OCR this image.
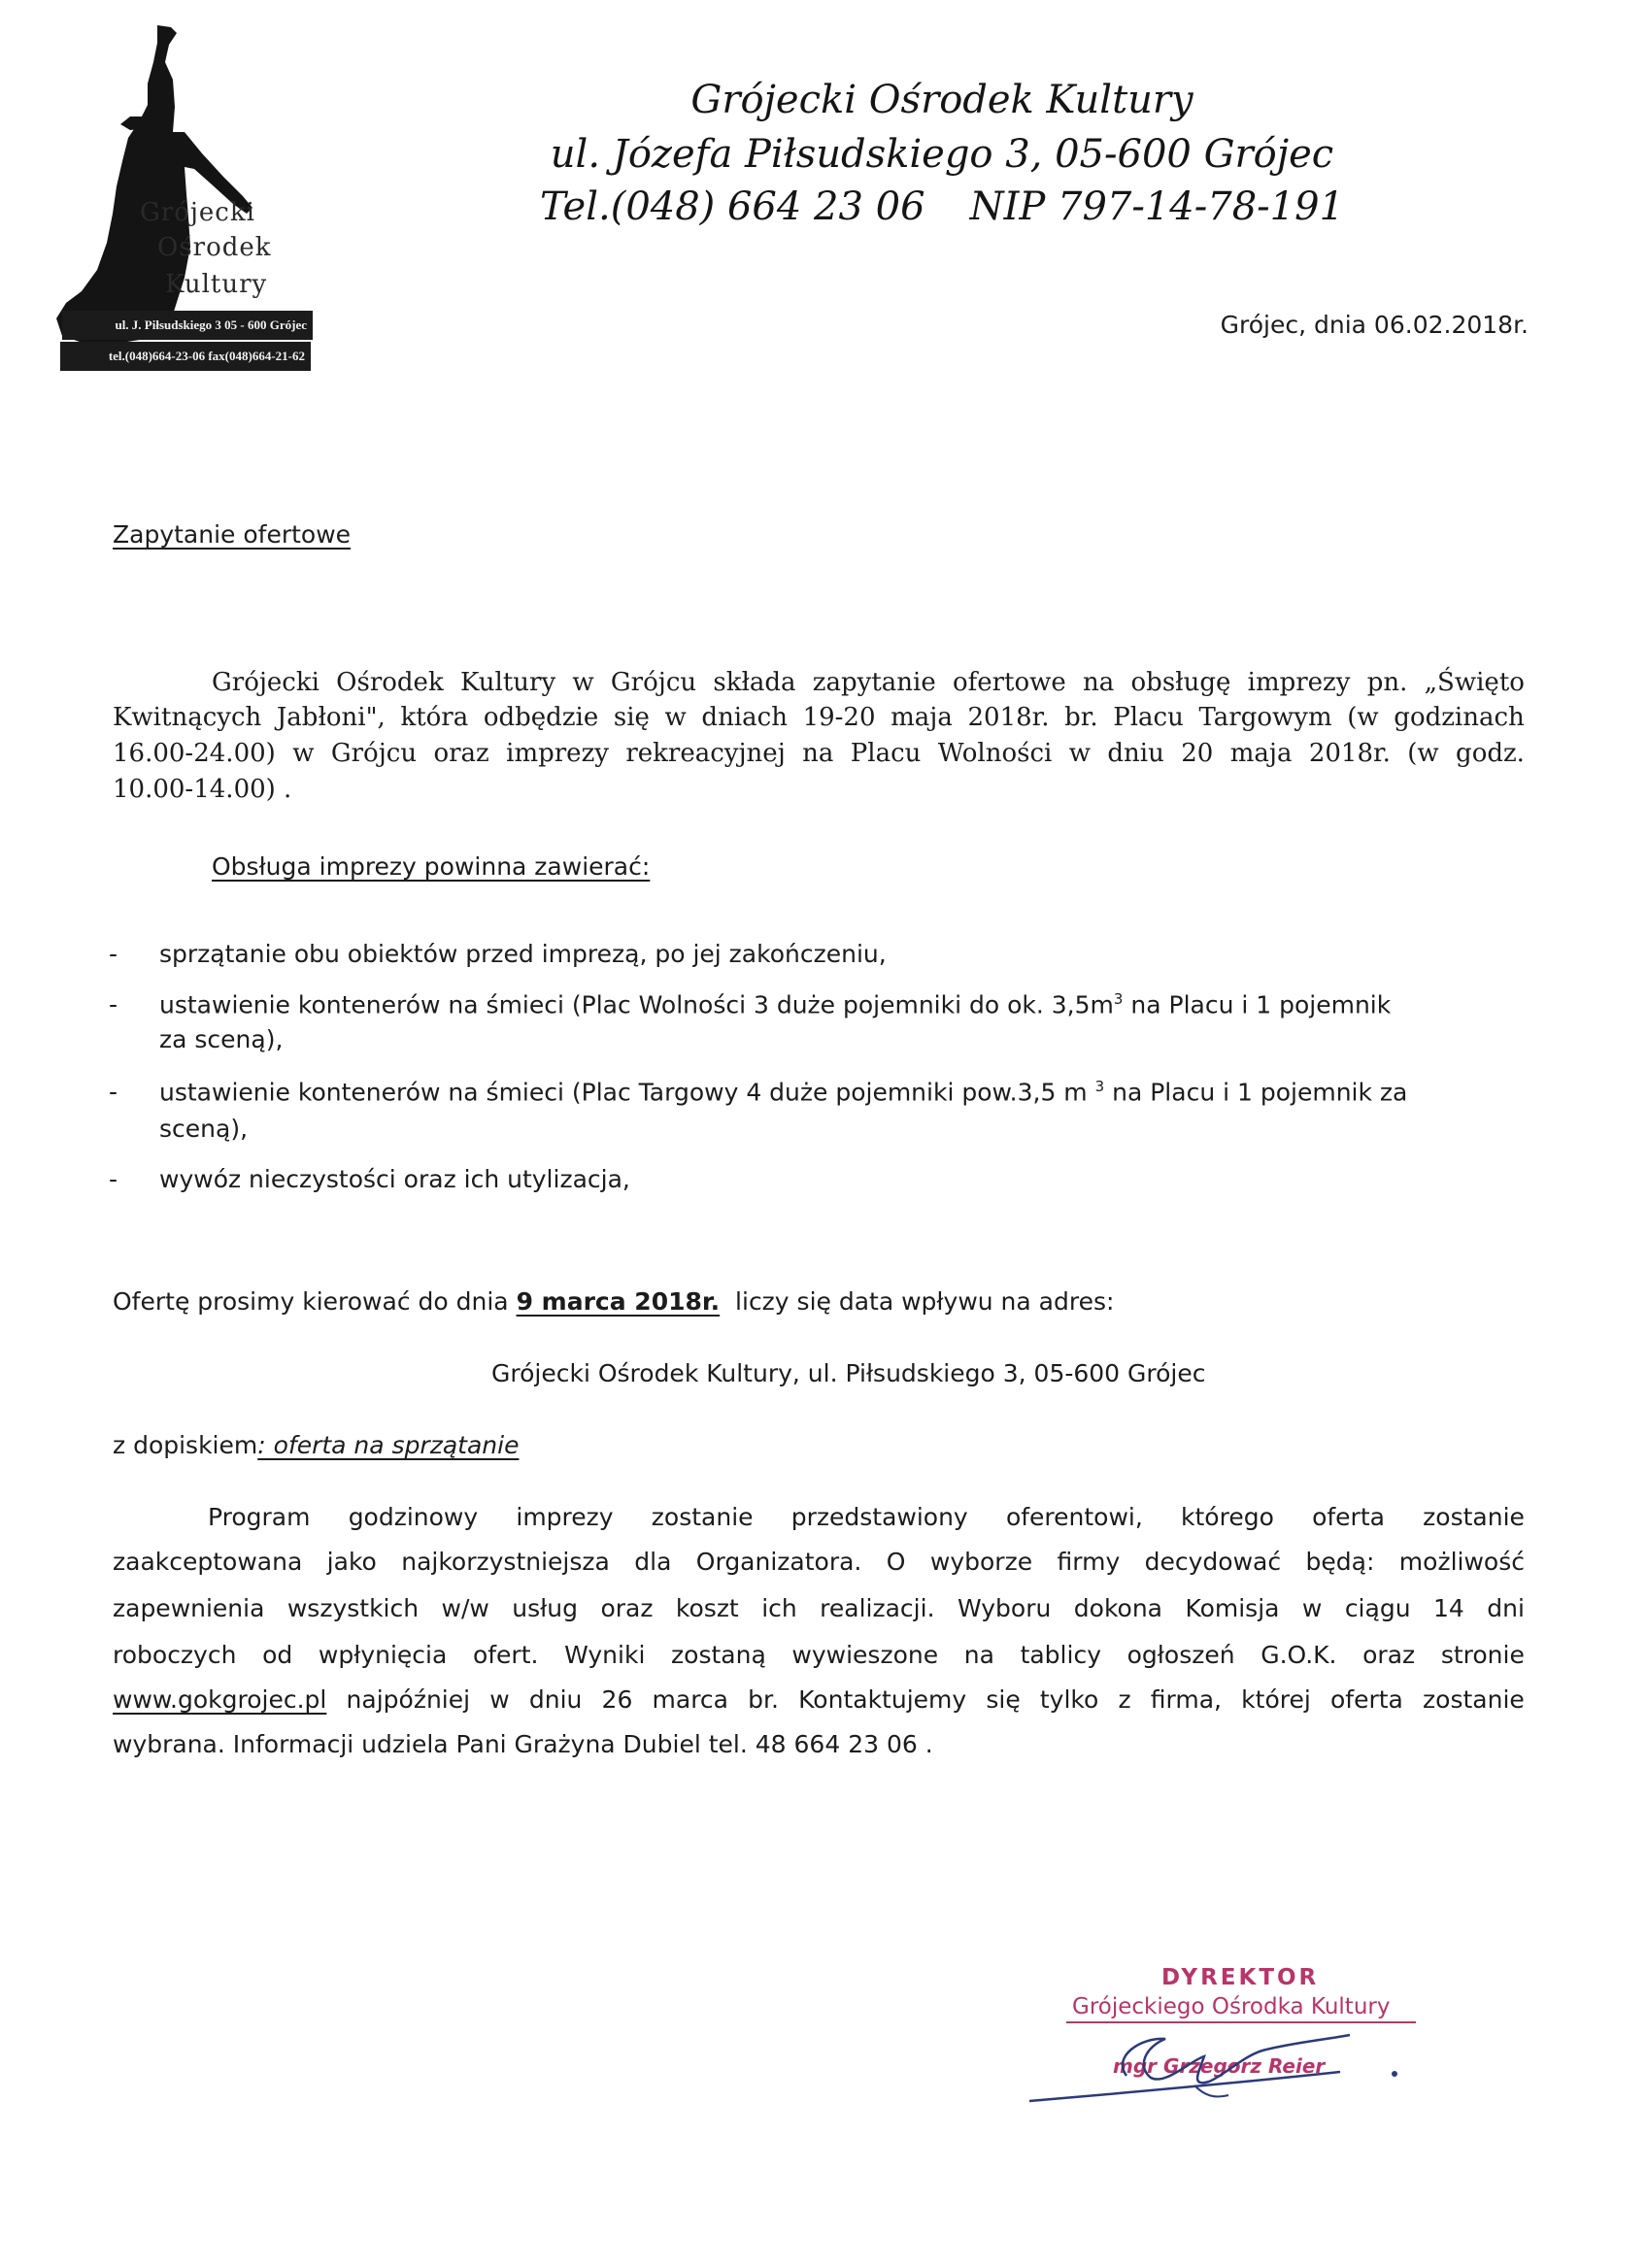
Grójecki
Ośrodek
Kultury
ul. J. Piłsudskiego 3 05 - 600 Grójec
tel.(048)664-23-06 fax(048)664-21-62
Grójecki Ośrodek Kultury
ul. Józefa Piłsudskiego 3, 05-600 Grójec
Tel.(048) 664 23 06 NIP 797-14-78-191
Grójec, dnia 06.02.2018r.
Zapytanie ofertowe
Grójecki Ośrodek Kultury w Grójcu składa zapytanie ofertowe na obsługę imprezy pn. „Święto
Kwitnących Jabłoni", która odbędzie się w dniach 19-20 maja 2018r. br. Placu Targowym (w godzinach
16.00-24.00) w Grójcu oraz imprezy rekreacyjnej na Placu Wolności w dniu 20 maja 2018r. (w godz.
10.00-14.00) .
Obsługa imprezy powinna zawierać:
- sprzątanie obu obiektów przed imprezą, po jej zakończeniu,
- ustawienie kontenerów na śmieci (Plac Wolności 3 duże pojemniki do ok. $3,5m^3$ na Placu i 1 pojemnik
za sceną),
- ustawienie kontenerów na śmieci (Plac Targowy 4 duże pojemniki pow.3,5 m $^3$ na Placu i 1 pojemnik za
sceną),
- wywóz nieczystości oraz ich utylizacja,
Ofertę prosimy kierować do dnia 9 marca 2018r.  liczy się data wpływu na adres:
Grójecki Ośrodek Kultury, ul. Piłsudskiego 3, 05-600 Grójec
z dopiskiem: oferta na sprzątanie
Program godzinowy imprezy zostanie przedstawiony oferentowi, którego oferta zostanie
zaakceptowana jako najkorzystniejsza dla Organizatora. O wyborze firmy decydować będą: możliwość
zapewnienia wszystkich w/w usług oraz koszt ich realizacji. Wyboru dokona Komisja w ciągu 14 dni
roboczych od wpłynięcia ofert. Wyniki zostaną wywieszone na tablicy ogłoszeń G.O.K. oraz stronie
www.gokgrojec.pl najpóźniej w dniu 26 marca br. Kontaktujemy się tylko z firma, której oferta zostanie
wybrana. Informacji udziela Pani Grażyna Dubiel tel. 48 664 23 06 .
DYREKTOR
Grójeckiego Ośrodka Kultury
mgr Grzegorz Reier
